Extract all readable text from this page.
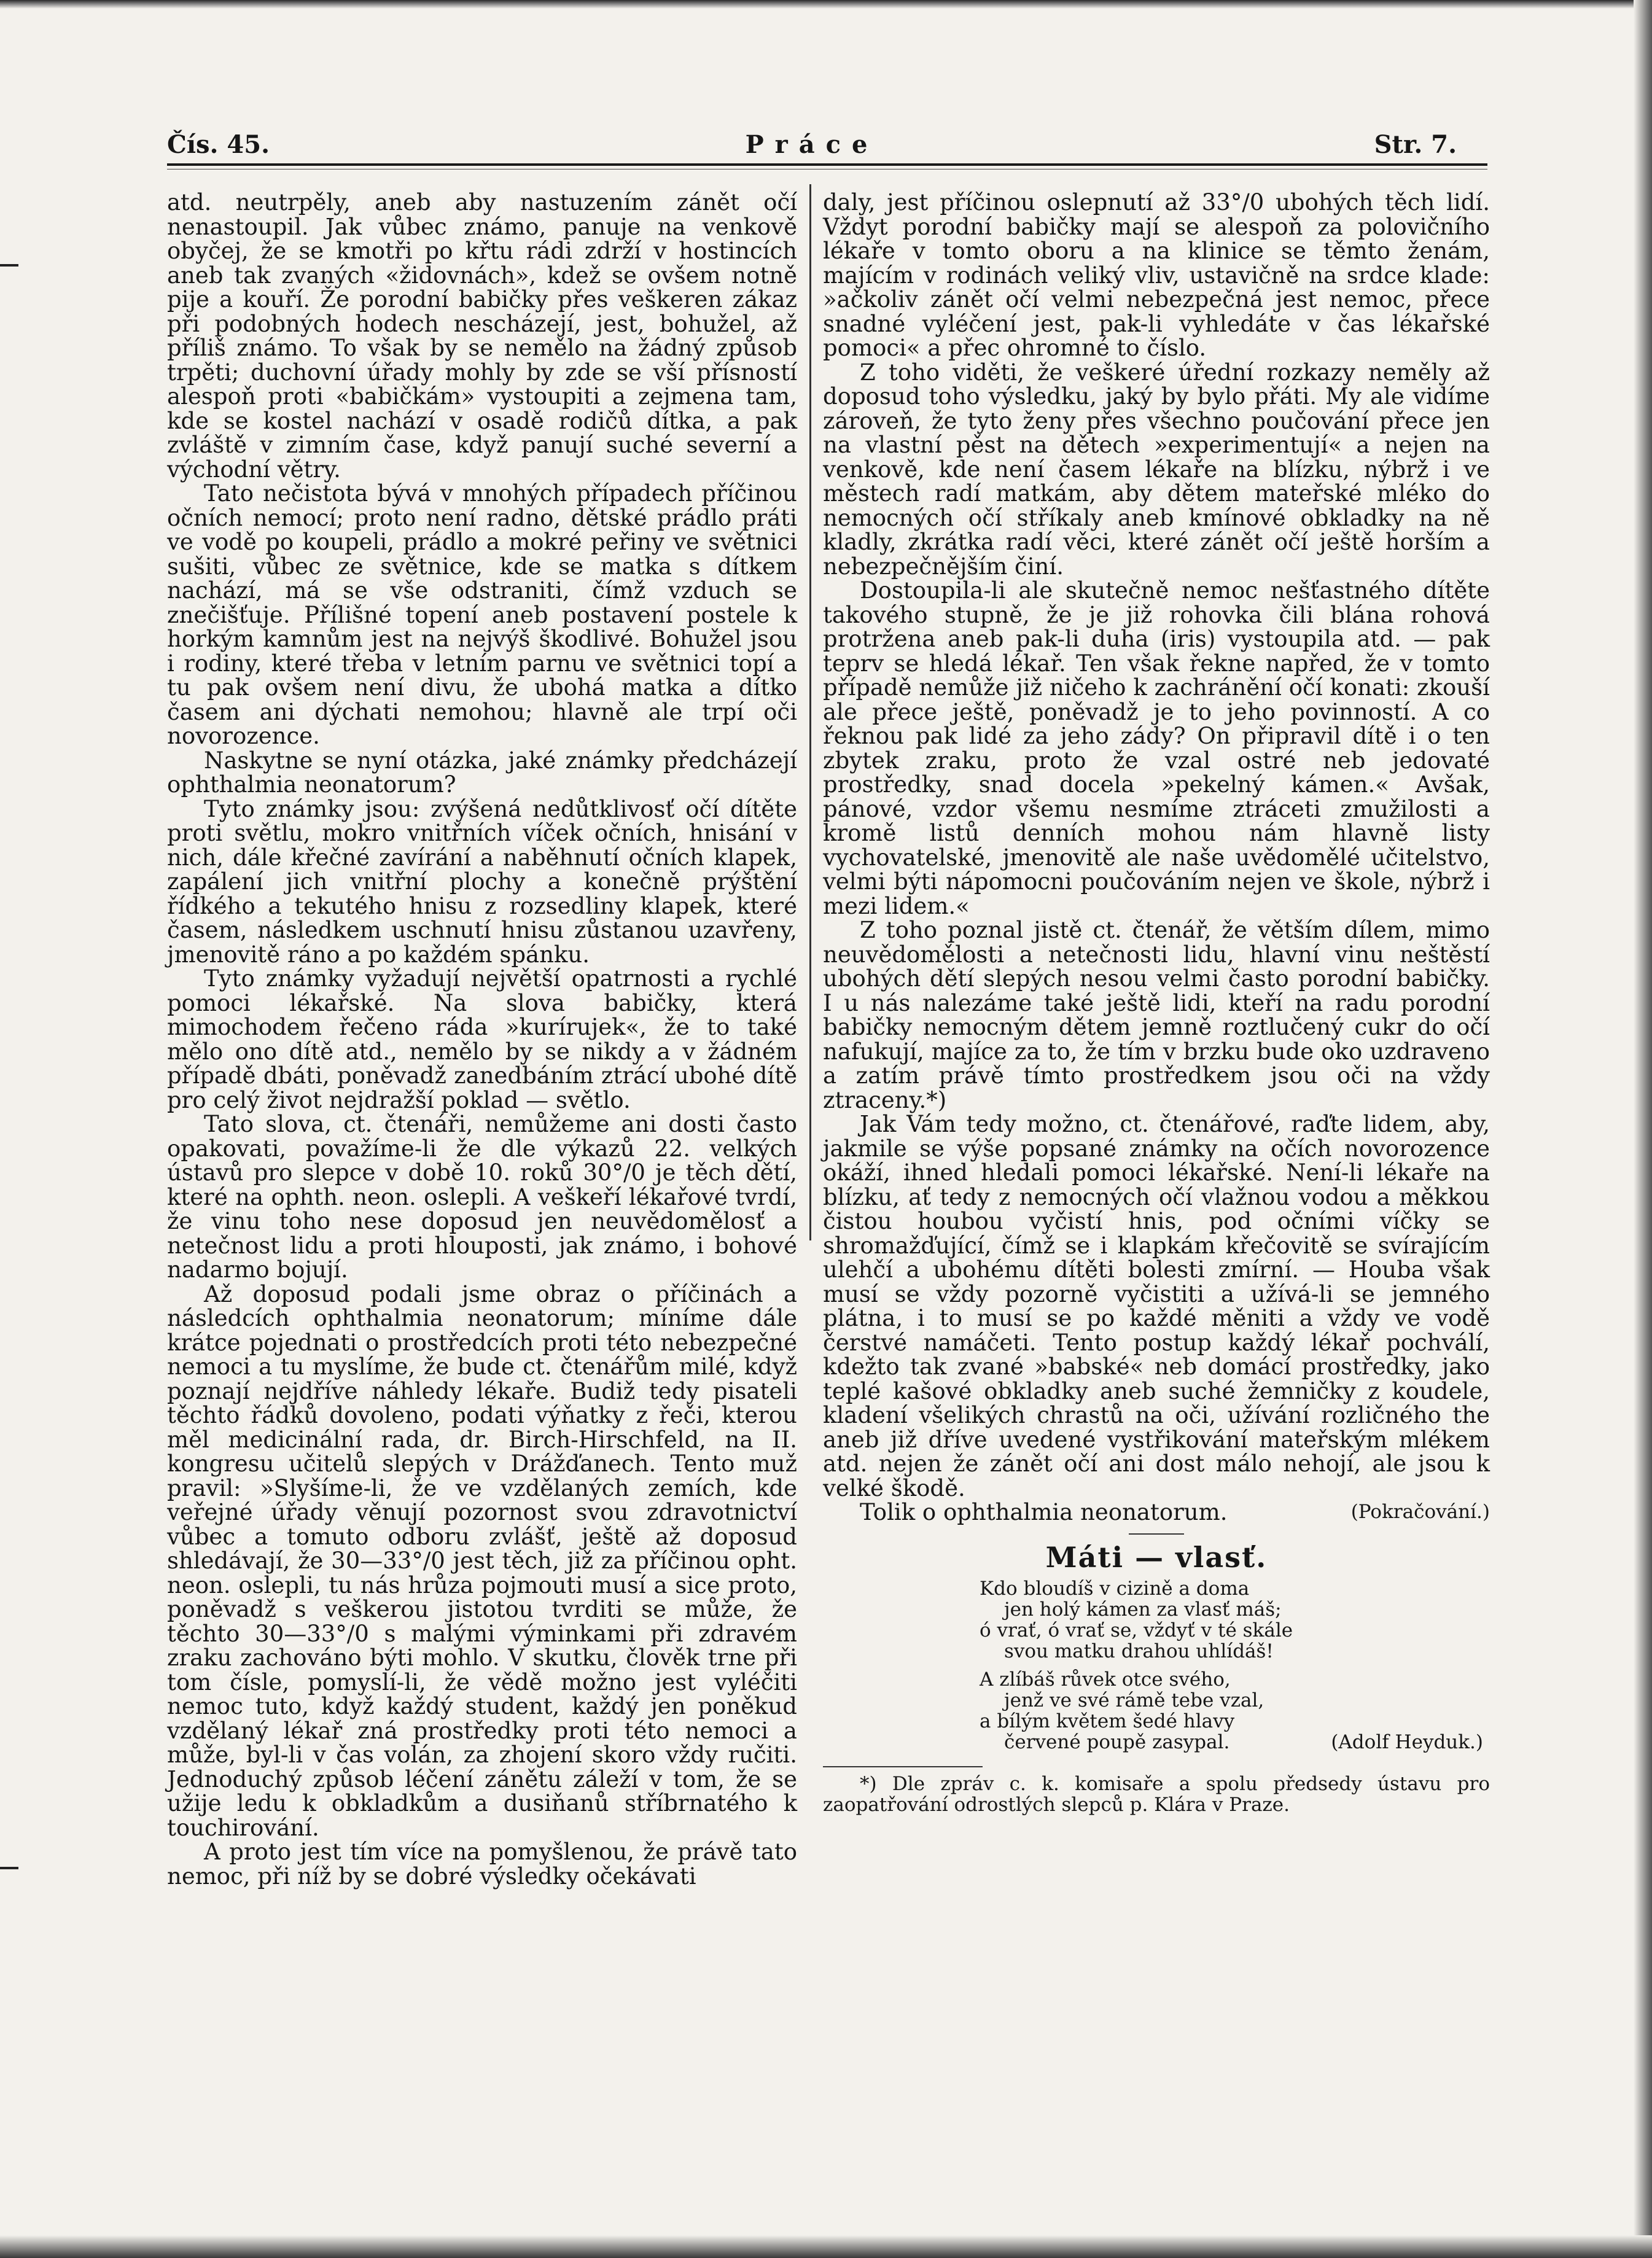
Čís. 45.	Práce	Str. 7.

atd. neutrpěly, aneb aby nastuzením zánět očí nenastoupil. Jak vůbec známo, panuje na venkově obyčej, že se kmotři po křtu rádi zdrží v hostincích aneb tak zvaných «židovnách», kdež se ovšem notně pije a kouří. Že porodní babičky přes veškeren zákaz při podobných hodech nescházejí, jest, bohužel, až příliš známo. To však by se nemělo na žádný způsob trpěti; duchovní úřady mohly by zde se vší přísností alespoň proti «babičkám» vystoupiti a zejmena tam, kde se kostel nachází v osadě rodičů dítka, a pak zvláště v zimním čase, když panují suché severní a východní větry.

Tato nečistota bývá v mnohých případech příčinou očních nemocí; proto není radno, dětské prádlo práti ve vodě po koupeli, prádlo a mokré peřiny ve světnici sušiti, vůbec ze světnice, kde se matka s dítkem nachází, má se vše odstraniti, čímž vzduch se znečišťuje. Přílišné topení aneb postavení postele k horkým kamnům jest na nejvýš škodlivé. Bohužel jsou i rodiny, které třeba v letním parnu ve světnici topí a tu pak ovšem není divu, že ubohá matka a dítko časem ani dýchati nemohou; hlavně ale trpí oči novorozence.

Naskytne se nyní otázka, jaké známky předcházejí ophthalmia neonatorum?

Tyto známky jsou: zvýšená nedůtklivosť očí dítěte proti světlu, mokro vnitřních víček očních, hnisání v nich, dále křečné zavírání a naběhnutí očních klapek, zapálení jich vnitřní plochy a konečně prýštění řídkého a tekutého hnisu z rozsedliny klapek, které časem, následkem uschnutí hnisu zůstanou uzavřeny, jmenovitě ráno a po každém spánku.

Tyto známky vyžadují největší opatrnosti a rychlé pomoci lékařské. Na slova babičky, která mimochodem řečeno ráda »kurírujek«, že to také mělo ono dítě atd., nemělo by se nikdy a v žádném případě dbáti, poněvadž zanedbáním ztrácí ubohé dítě pro celý život nejdražší poklad — světlo.

Tato slova, ct. čtenáři, nemůžeme ani dosti často opakovati, považíme-li že dle výkazů 22. velkých ústavů pro slepce v době 10. roků 30°/0 je těch dětí, které na ophth. neon. oslepli. A veškeří lékařové tvrdí, že vinu toho nese doposud jen neuvědomělosť a netečnost lidu a proti hlouposti, jak známo, i bohové nadarmo bojují.

Až doposud podali jsme obraz o příčinách a následcích ophthalmia neonatorum; míníme dále krátce pojednati o prostředcích proti této nebezpečné nemoci a tu myslíme, že bude ct. čtenářům milé, když poznají nejdříve náhledy lékaře. Budiž tedy pisateli těchto řádků dovoleno, podati výňatky z řeči, kterou měl medicinální rada, dr. Birch-Hirschfeld, na II. kongresu učitelů slepých v Drážďanech. Tento muž pravil: »Slyšíme-li, že ve vzdělaných zemích, kde veřejné úřady věnují pozornost svou zdravotnictví vůbec a tomuto odboru zvlášť, ještě až doposud shledávají, že 30—33°/0 jest těch, již za příčinou opht. neon. oslepli, tu nás hrůza pojmouti musí a sice proto, poněvadž s veškerou jistotou tvrditi se může, že těchto 30—33°/0 s malými výminkami při zdravém zraku zachováno býti mohlo. V skutku, člověk trne při tom čísle, pomyslí-li, že vědě možno jest vyléčiti nemoc tuto, když každý student, každý jen poněkud vzdělaný lékař zná prostředky proti této nemoci a může, byl-li v čas volán, za zhojení skoro vždy ručiti. Jednoduchý způsob léčení zánětu záleží v tom, že se užije ledu k obkladkům a dusiňanů stříbrnatého k touchirování.

A proto jest tím více na pomyšlenou, že právě tato nemoc, při níž by se dobré výsledky očekávati

daly, jest příčinou oslepnutí až 33°/0 ubohých těch lidí. Vždyt porodní babičky mají se alespoň za polovičního lékaře v tomto oboru a na klinice se těmto ženám, majícím v rodinách veliký vliv, ustavičně na srdce klade: »ačkoliv zánět očí velmi nebezpečná jest nemoc, přece snadné vyléčení jest, pak-li vyhledáte v čas lékařské pomoci« a přec ohromné to číslo.

Z toho viděti, že veškeré úřední rozkazy neměly až doposud toho výsledku, jaký by bylo přáti. My ale vidíme zároveň, že tyto ženy přes všechno poučování přece jen na vlastní pěst na dětech »experimentují« a nejen na venkově, kde není časem lékaře na blízku, nýbrž i ve městech radí matkám, aby dětem mateřské mléko do nemocných očí stříkaly aneb kmínové obkladky na ně kladly, zkrátka radí věci, které zánět očí ještě horším a nebezpečnějším činí.

Dostoupila-li ale skutečně nemoc nešťastného dítěte takového stupně, že je již rohovka čili blána rohová protržena aneb pak-li duha (iris) vystoupila atd. — pak teprv se hledá lékař. Ten však řekne napřed, že v tomto případě nemůže již ničeho k zachránění očí konati: zkouší ale přece ještě, poněvadž je to jeho povinností. A co řeknou pak lidé za jeho zády? On připravil dítě i o ten zbytek zraku, proto že vzal ostré neb jedovaté prostředky, snad docela »pekelný kámen.« Avšak, pánové, vzdor všemu nesmíme ztráceti zmužilosti a kromě listů denních mohou nám hlavně listy vychovatelské, jmenovitě ale naše uvědomělé učitelstvo, velmi býti nápomocni poučováním nejen ve škole, nýbrž i mezi lidem.«

Z toho poznal jistě ct. čtenář, že větším dílem, mimo neuvědomělosti a netečnosti lidu, hlavní vinu neštěstí ubohých dětí slepých nesou velmi často porodní babičky. I u nás nalezáme také ještě lidi, kteří na radu porodní babičky nemocným dětem jemně roztlučený cukr do očí nafukují, majíce za to, že tím v brzku bude oko uzdraveno a zatím právě tímto prostředkem jsou oči na vždy ztraceny.*)

Jak Vám tedy možno, ct. čtenářové, raďte lidem, aby, jakmile se výše popsané známky na očích novorozence okáží, ihned hledali pomoci lékařské. Není-li lékaře na blízku, ať tedy z nemocných očí vlažnou vodou a měkkou čistou houbou vyčistí hnis, pod očními víčky se shromažďující, čímž se i klapkám křečovitě se svírajícím ulehčí a ubohému dítěti bolesti zmírní. — Houba však musí se vždy pozorně vyčistiti a užívá-li se jemného plátna, i to musí se po každé měniti a vždy ve vodě čerstvé namáčeti. Tento postup každý lékař pochválí, kdežto tak zvané »babské« neb domácí prostředky, jako teplé kašové obkladky aneb suché žemničky z koudele, kladení všelikých chrastů na oči, užívání rozličného the aneb již dříve uvedené vystřikování mateřským mlékem atd. nejen že zánět očí ani dost málo nehojí, ale jsou k velké škodě.

Tolik o ophthalmia neonatorum.	(Pokračování.)

Máti — vlasť.
Kdo bloudíš v cizině a doma
jen holý kámen za vlasť máš;
ó vrať, ó vrať se, vždyť v té skále
svou matku drahou uhlídáš!
A zlíbáš růvek otce svého,
jenž ve své rámě tebe vzal,
a bílým květem šedé hlavy
červené poupě zasypal.	(Adolf Heyduk.)
*) Dle zpráv c. k. komisaře a spolu předsedy ústavu pro zaopatřování odrostlých slepců p. Klára v Praze.
